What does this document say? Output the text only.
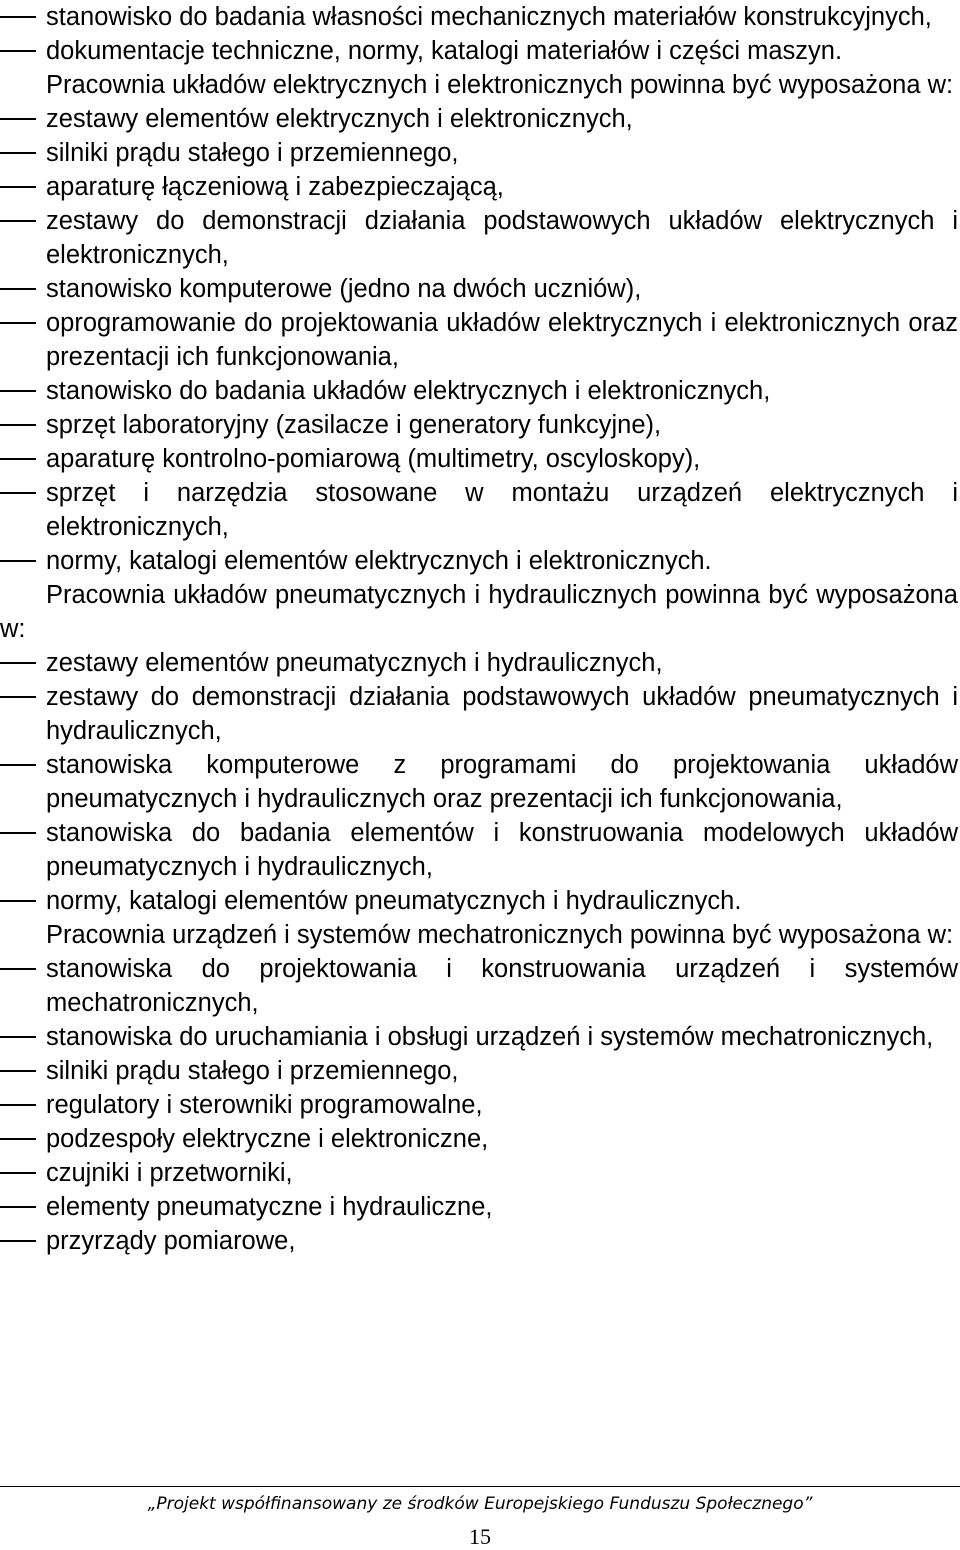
stanowisko do badania własności mechanicznych materiałów konstrukcyjnych,
dokumentacje techniczne, normy, katalogi materiałów i części maszyn.
Pracownia układów elektrycznych i elektronicznych powinna być wyposażona w:
zestawy elementów elektrycznych i elektronicznych,
silniki prądu stałego i przemiennego,
aparaturę łączeniową i zabezpieczającą,
zestawy do demonstracji działania podstawowych układów elektrycznych i elektronicznych,
stanowisko komputerowe (jedno na dwóch uczniów),
oprogramowanie do projektowania układów elektrycznych i elektronicznych oraz prezentacji ich funkcjonowania,
stanowisko do badania układów elektrycznych i elektronicznych,
sprzęt laboratoryjny (zasilacze i generatory funkcyjne),
aparaturę kontrolno-pomiarową (multimetry, oscyloskopy),
sprzęt i narzędzia stosowane w montażu urządzeń elektrycznych i elektronicznych,
normy, katalogi elementów elektrycznych i elektronicznych.
Pracownia układów pneumatycznych i hydraulicznych powinna być wyposażona w:
zestawy elementów pneumatycznych i hydraulicznych,
zestawy do demonstracji działania podstawowych układów pneumatycznych i hydraulicznych,
stanowiska komputerowe z programami do projektowania układów pneumatycznych i hydraulicznych oraz prezentacji ich funkcjonowania,
stanowiska do badania elementów i konstruowania modelowych układów pneumatycznych i hydraulicznych,
normy, katalogi elementów pneumatycznych i hydraulicznych.
Pracownia urządzeń i systemów mechatronicznych powinna być wyposażona w:
stanowiska do projektowania i konstruowania urządzeń i systemów mechatronicznych,
stanowiska do uruchamiania i obsługi urządzeń i systemów mechatronicznych,
silniki prądu stałego i przemiennego,
regulatory i sterowniki programowalne,
podzespoły elektryczne i elektroniczne,
czujniki i przetworniki,
elementy pneumatyczne i hydrauliczne,
przyrządy pomiarowe,
„Projekt współfinansowany ze środków Europejskiego Funduszu Społecznego”
15
